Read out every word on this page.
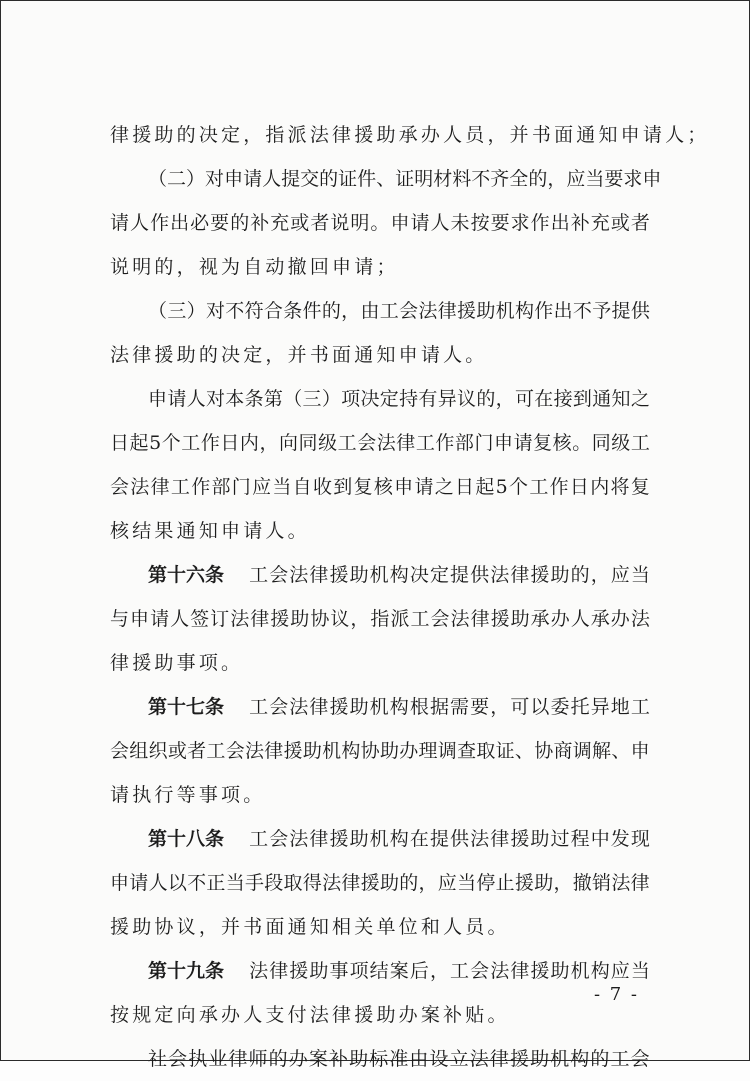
律 援 助 的 决 定 ， 指 派 法 律 援 助 承 办 人 员 ， 并 书 面 通 知 申 请 人 ；
（ 二 ） 对 申 请 人 提 交 的 证 件 、 证 明 材 料 不 齐 全 的 ， 应 当 要 求 申
请 人 作 出 必 要 的 补 充 或 者 说 明 。 申 请 人 未 按 要 求 作 出 补 充 或 者
说 明 的 ， 视 为 自 动 撤 回 申 请 ；
（ 三 ） 对 不 符 合 条 件 的 ， 由 工 会 法 律 援 助 机 构 作 出 不 予 提 供
法 律 援 助 的 决 定 ， 并 书 面 通 知 申 请 人 。
申 请 人 对 本 条 第 （ 三 ） 项 决 定 持 有 异 议 的 ， 可 在 接 到 通 知 之
日 起 5 个 工 作 日 内 ， 向 同 级 工 会 法 律 工 作 部 门 申 请 复 核 。 同 级 工
会 法 律 工 作 部 门 应 当 自 收 到 复 核 申 请 之 日 起 5 个 工 作 日 内 将 复
核 结 果 通 知 申 请 人 。
第十六条 工 会 法 律 援 助 机 构 决 定 提 供 法 律 援 助 的 ， 应 当
与 申 请 人 签 订 法 律 援 助 协 议 ， 指 派 工 会 法 律 援 助 承 办 人 承 办 法
律 援 助 事 项 。
第十七条 工 会 法 律 援 助 机 构 根 据 需 要 ， 可 以 委 托 异 地 工
会 组 织 或 者 工 会 法 律 援 助 机 构 协 助 办 理 调 查 取 证 、 协 商 调 解 、 申
请 执 行 等 事 项 。
第十八条 工 会 法 律 援 助 机 构 在 提 供 法 律 援 助 过 程 中 发 现
申 请 人 以 不 正 当 手 段 取 得 法 律 援 助 的 ， 应 当 停 止 援 助 ， 撤 销 法 律
援 助 协 议 ， 并 书 面 通 知 相 关 单 位 和 人 员 。
第十九条 法 律 援 助 事 项 结 案 后 ， 工 会 法 律 援 助 机 构 应 当
按 规 定 向 承 办 人 支 付 法 律 援 助 办 案 补 贴 。
社 会 执 业 律 师 的 办 案 补 助 标 准 由 设 立 法 律 援 助 机 构 的 工 会
- 7 -
